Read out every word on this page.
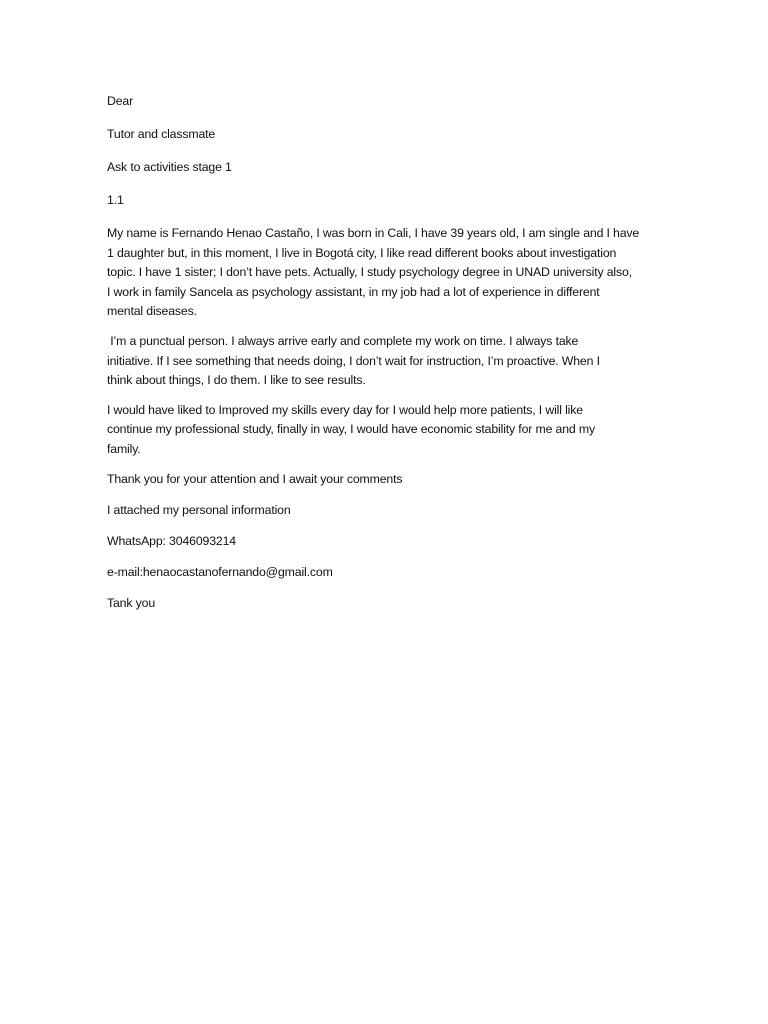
Dear

Tutor and classmate

Ask to activities stage 1

1.1

My name is Fernando Henao Castaño, I was born in Cali, I have 39 years old, I am single and I have
1 daughter but, in this moment, I live in Bogotá city, I like read different books about investigation
topic. I have 1 sister; I don’t have pets. Actually, I study psychology degree in UNAD university also,
I work in family Sancela as psychology assistant, in my job had a lot of experience in different
mental diseases.

I’m a punctual person. I always arrive early and complete my work on time. I always take
initiative. If I see something that needs doing, I don’t wait for instruction, I’m proactive. When I
think about things, I do them. I like to see results.

I would have liked to Improved my skills every day for I would help more patients, I will like
continue my professional study, finally in way, I would have economic stability for me and my
family.

Thank you for your attention and I await your comments

I attached my personal information

WhatsApp: 3046093214

e-mail:henaocastanofernando@gmail.com

Tank you
